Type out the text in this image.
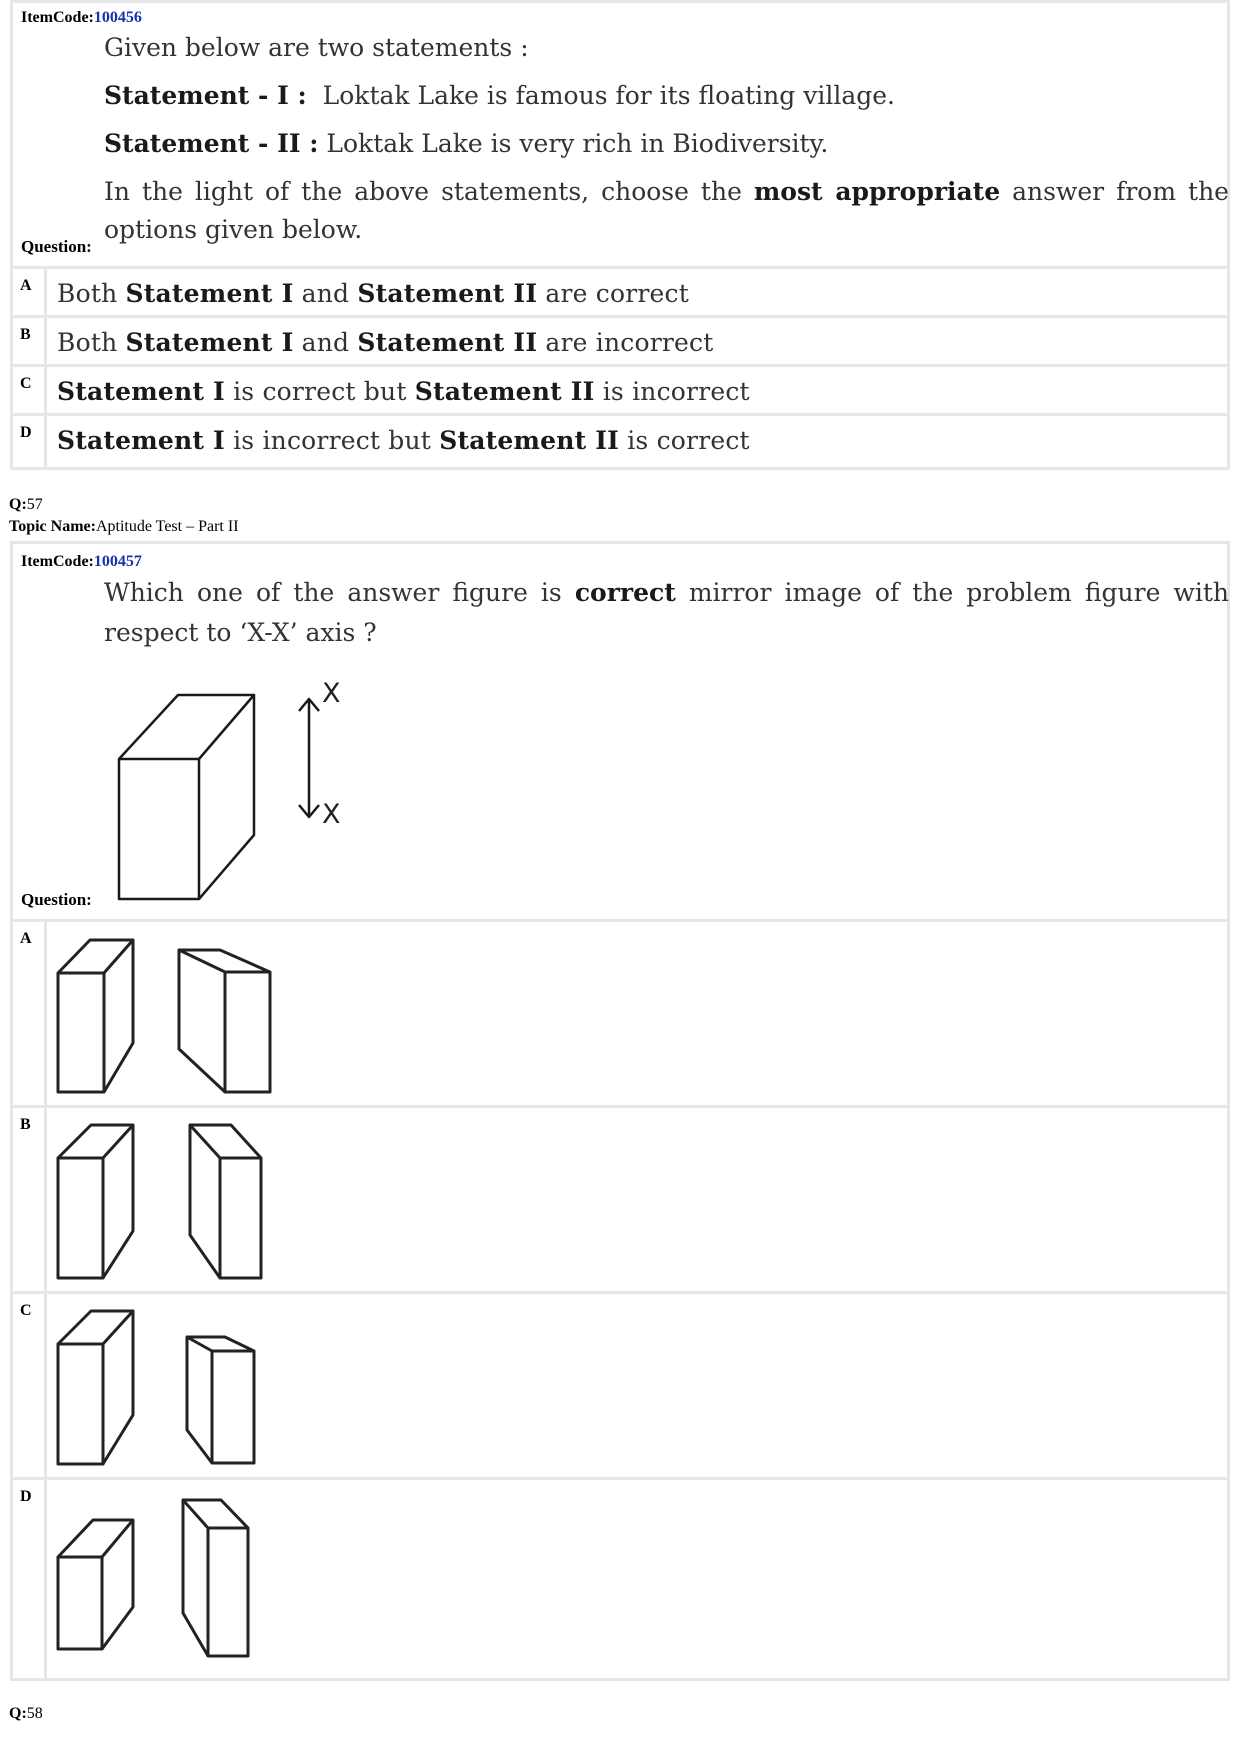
ItemCode:100456
Given below are two statements :
Statement - I : Loktak Lake is famous for its floating village.
Statement - II : Loktak Lake is very rich in Biodiversity.
In the light of the above statements, choose the most appropriate answer from the options given below.
Question:
A Both Statement I and Statement II are correct
B Both Statement I and Statement II are incorrect
C Statement I is correct but Statement II is incorrect
D Statement I is incorrect but Statement II is correct
Q:57
Topic Name:Aptitude Test – Part II
ItemCode:100457
Which one of the answer figure is correct mirror image of the problem figure with respect to ‘X-X’ axis ?
X
X
Question:
A
B
C
D
Q:58
